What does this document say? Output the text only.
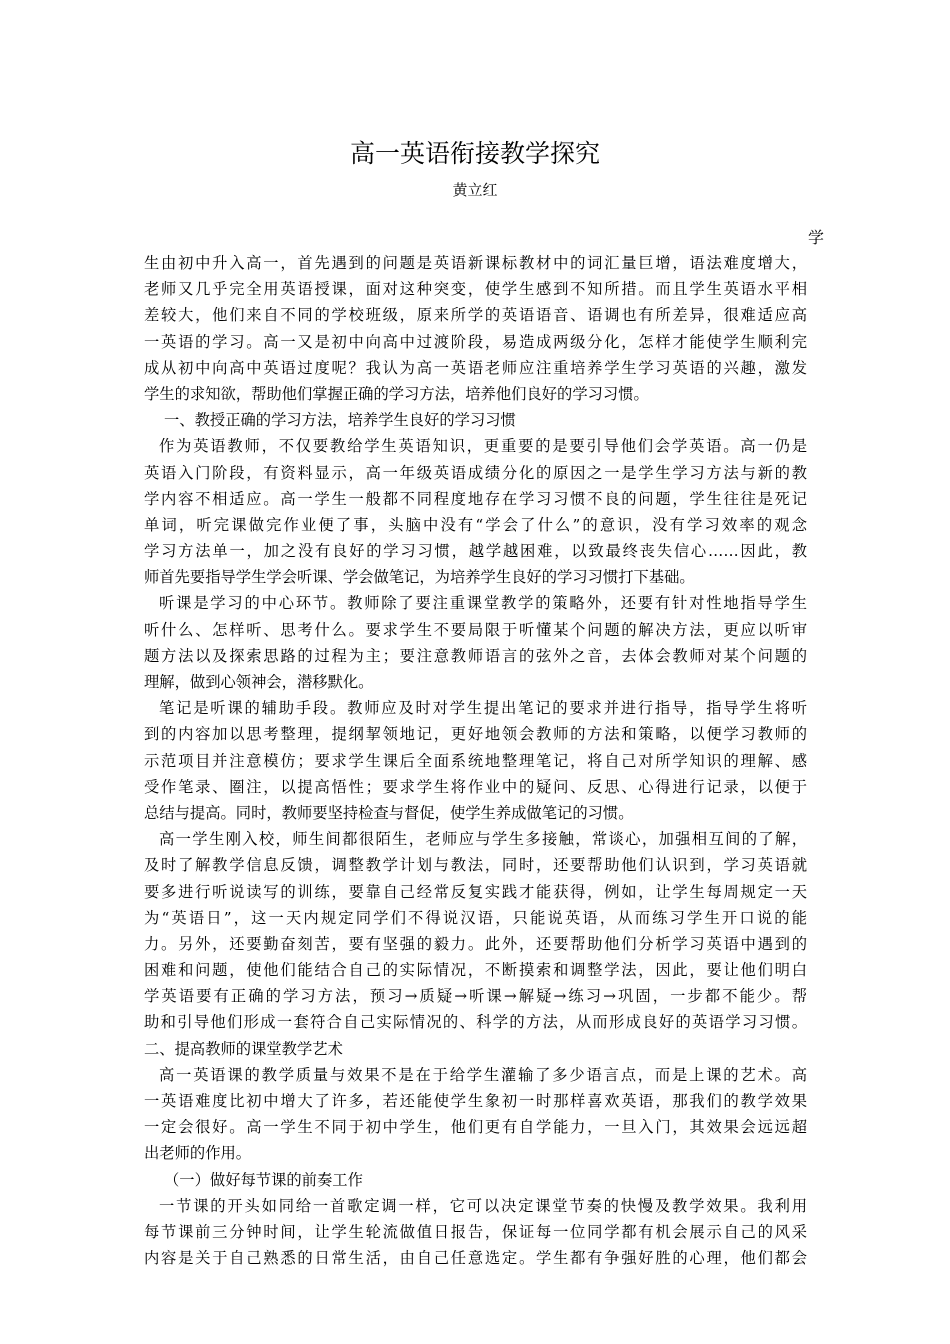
高一英语衔接教学探究
黄立红
学
生由初中升入高一，首先遇到的问题是英语新课标教材中的词汇量巨增，语法难度增大，
老师又几乎完全用英语授课，面对这种突变，使学生感到不知所措。而且学生英语水平相
差较大，他们来自不同的学校班级，原来所学的英语语音、语调也有所差异，很难适应高
一英语的学习。高一又是初中向高中过渡阶段，易造成两级分化，怎样才能使学生顺利完
成从初中向高中英语过度呢？我认为高一英语老师应注重培养学生学习英语的兴趣，激发
学生的求知欲，帮助他们掌握正确的学习方法，培养他们良好的学习习惯。
一、教授正确的学习方法，培养学生良好的学习习惯
作为英语教师，不仅要教给学生英语知识，更重要的是要引导他们会学英语。高一仍是
英语入门阶段，有资料显示，高一年级英语成绩分化的原因之一是学生学习方法与新的教
学内容不相适应。高一学生一般都不同程度地存在学习习惯不良的问题，学生往往是死记
单词，听完课做完作业便了事，头脑中没有“学会了什么”的意识，没有学习效率的观念
学习方法单一，加之没有良好的学习习惯，越学越困难，以致最终丧失信心……因此，教
师首先要指导学生学会听课、学会做笔记，为培养学生良好的学习习惯打下基础。
听课是学习的中心环节。教师除了要注重课堂教学的策略外，还要有针对性地指导学生
听什么、怎样听、思考什么。要求学生不要局限于听懂某个问题的解决方法，更应以听审
题方法以及探索思路的过程为主；要注意教师语言的弦外之音，去体会教师对某个问题的
理解，做到心领神会，潜移默化。
笔记是听课的辅助手段。教师应及时对学生提出笔记的要求并进行指导，指导学生将听
到的内容加以思考整理，提纲挈领地记，更好地领会教师的方法和策略，以便学习教师的
示范项目并注意模仿；要求学生课后全面系统地整理笔记，将自己对所学知识的理解、感
受作笔录、圈注，以提高悟性；要求学生将作业中的疑问、反思、心得进行记录，以便于
总结与提高。同时，教师要坚持检查与督促，使学生养成做笔记的习惯。
高一学生刚入校，师生间都很陌生，老师应与学生多接触，常谈心，加强相互间的了解，
及时了解教学信息反馈，调整教学计划与教法，同时，还要帮助他们认识到，学习英语就
要多进行听说读写的训练，要靠自己经常反复实践才能获得，例如，让学生每周规定一天
为“英语日”，这一天内规定同学们不得说汉语，只能说英语，从而练习学生开口说的能
力。另外，还要勤奋刻苦，要有坚强的毅力。此外，还要帮助他们分析学习英语中遇到的
困难和问题，使他们能结合自己的实际情况，不断摸索和调整学法，因此，要让他们明白
学英语要有正确的学习方法，预习→质疑→听课→解疑→练习→巩固，一步都不能少。帮
助和引导他们形成一套符合自己实际情况的、科学的方法，从而形成良好的英语学习习惯。
二、提高教师的课堂教学艺术
高一英语课的教学质量与效果不是在于给学生灌输了多少语言点，而是上课的艺术。高
一英语难度比初中增大了许多，若还能使学生象初一时那样喜欢英语，那我们的教学效果
一定会很好。高一学生不同于初中学生，他们更有自学能力，一旦入门，其效果会远远超
出老师的作用。
（一）做好每节课的前奏工作
一节课的开头如同给一首歌定调一样，它可以决定课堂节奏的快慢及教学效果。我利用
每节课前三分钟时间，让学生轮流做值日报告，保证每一位同学都有机会展示自己的风采
内容是关于自己熟悉的日常生活，由自己任意选定。学生都有争强好胜的心理，他们都会
